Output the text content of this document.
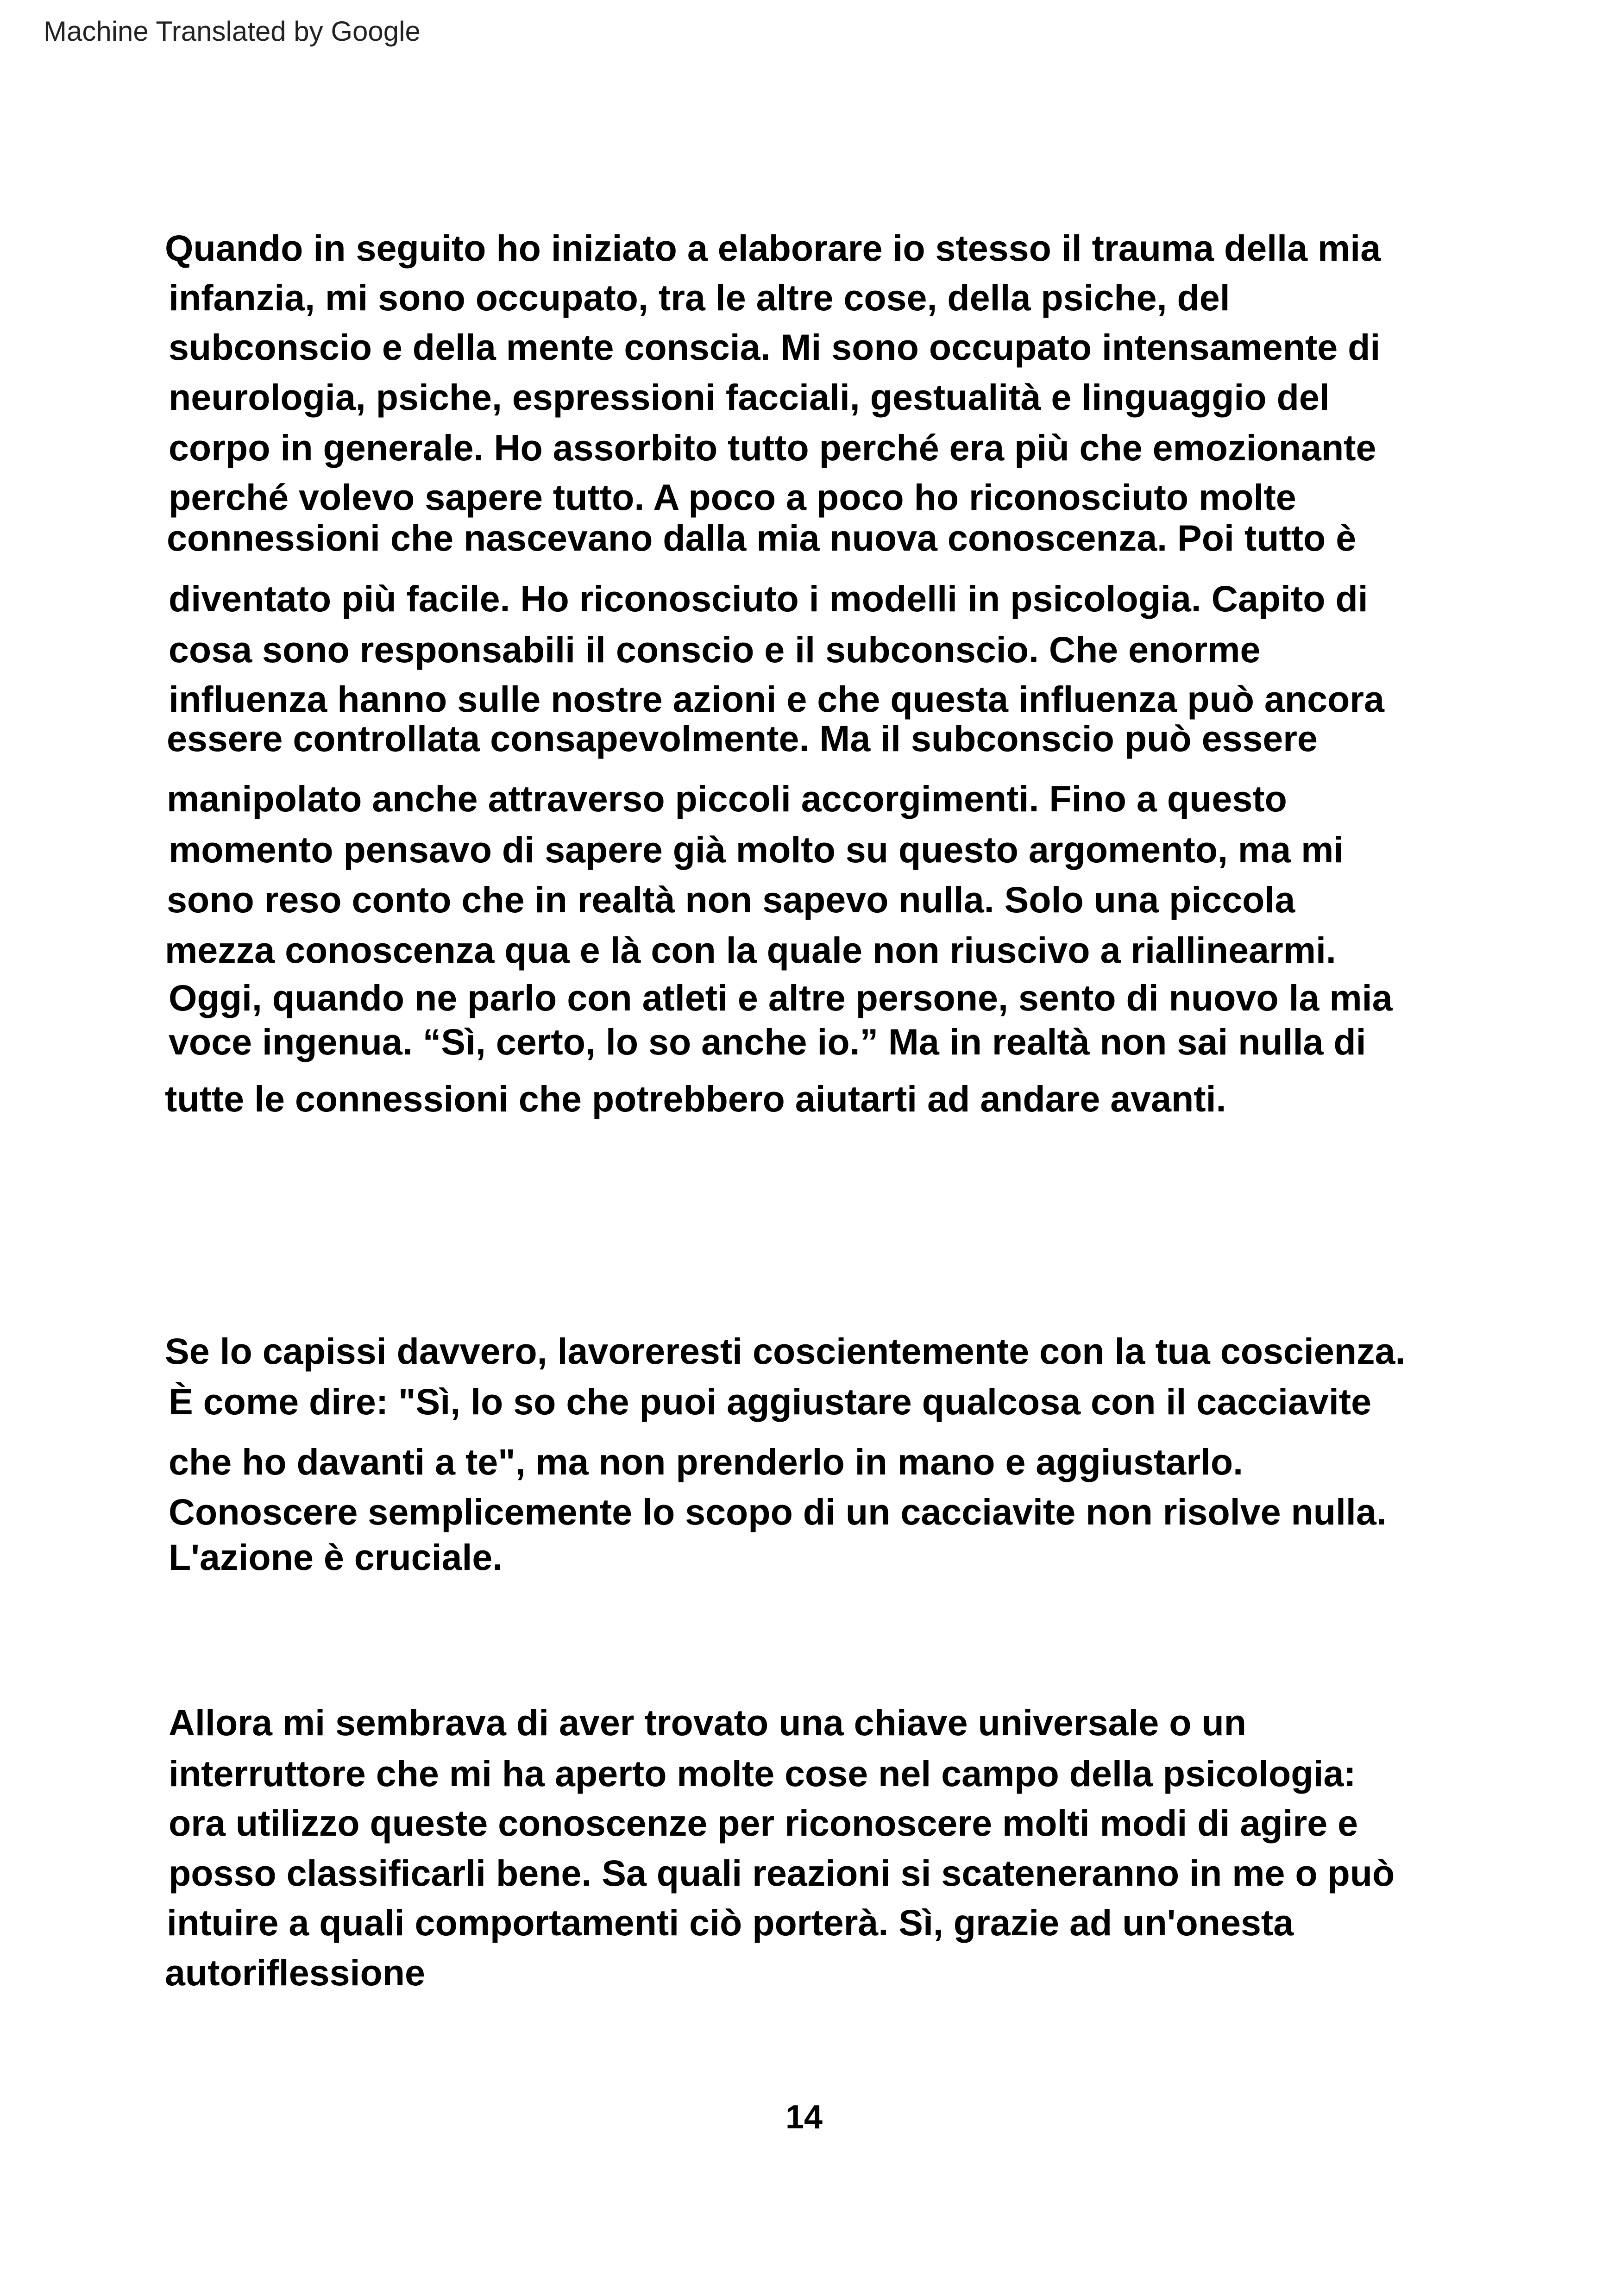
Machine Translated by Google
Quando in seguito ho iniziato a elaborare io stesso il trauma della mia
infanzia, mi sono occupato, tra le altre cose, della psiche, del
subconscio e della mente conscia. Mi sono occupato intensamente di
neurologia, psiche, espressioni facciali, gestualità e linguaggio del
corpo in generale. Ho assorbito tutto perché era più che emozionante
perché volevo sapere tutto. A poco a poco ho riconosciuto molte
connessioni che nascevano dalla mia nuova conoscenza. Poi tutto è
diventato più facile. Ho riconosciuto i modelli in psicologia. Capito di
cosa sono responsabili il conscio e il subconscio. Che enorme
influenza hanno sulle nostre azioni e che questa influenza può ancora
essere controllata consapevolmente. Ma il subconscio può essere
manipolato anche attraverso piccoli accorgimenti. Fino a questo
momento pensavo di sapere già molto su questo argomento, ma mi
sono reso conto che in realtà non sapevo nulla. Solo una piccola
mezza conoscenza qua e là con la quale non riuscivo a riallinearmi.
Oggi, quando ne parlo con atleti e altre persone, sento di nuovo la mia
voce ingenua. “Sì, certo, lo so anche io.” Ma in realtà non sai nulla di
tutte le connessioni che potrebbero aiutarti ad andare avanti.
Se lo capissi davvero, lavoreresti coscientemente con la tua coscienza.
È come dire: "Sì, lo so che puoi aggiustare qualcosa con il cacciavite
che ho davanti a te", ma non prenderlo in mano e aggiustarlo.
Conoscere semplicemente lo scopo di un cacciavite non risolve nulla.
L'azione è cruciale.
Allora mi sembrava di aver trovato una chiave universale o un
interruttore che mi ha aperto molte cose nel campo della psicologia:
ora utilizzo queste conoscenze per riconoscere molti modi di agire e
posso classificarli bene. Sa quali reazioni si scateneranno in me o può
intuire a quali comportamenti ciò porterà. Sì, grazie ad un'onesta
autoriflessione
14
